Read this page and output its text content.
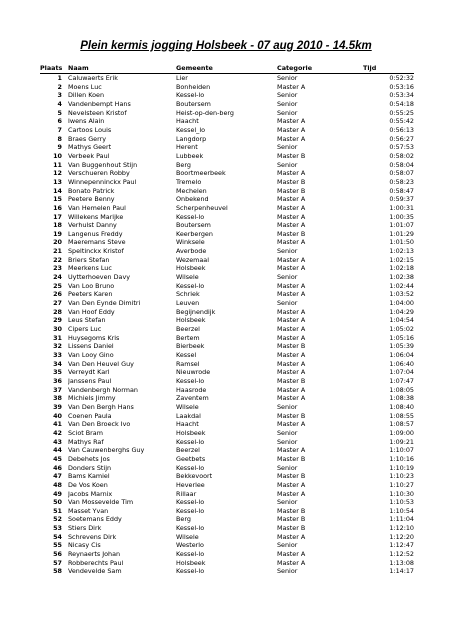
Plein kermis jogging Holsbeek - 07 aug 2010 - 14.5km
Plaats	Naam	Gemeente	Categorie	Tijd
1	Caluwaerts Erik	Lier	Senior	0:52:32
2	Moens Luc	Bonheiden	Master A	0:53:16
3	Dillen Koen	Kessel-lo	Senior	0:53:34
4	Vandenbempt Hans	Boutersem	Senior	0:54:18
5	Nevelsteen Kristof	Heist-op-den-berg	Senior	0:55:25
6	Iwens Alain	Haacht	Master A	0:55:42
7	Cartoos Louis	Kessel_lo	Master A	0:56:13
8	Braes Gerry	Langdorp	Master A	0:56:27
9	Mathys Geert	Herent	Senior	0:57:53
10	Verbeek Paul	Lubbeek	Master B	0:58:02
11	Van Buggenhout Stijn	Berg	Senior	0:58:04
12	Verschueren Robby	Boortmeerbeek	Master A	0:58:07
13	Winnepenninckx Paul	Tremelo	Master B	0:58:23
14	Bonato Patrick	Mechelen	Master B	0:58:47
15	Peetere Benny	Onbekend	Master A	0:59:37
16	Van Hemelen Paul	Scherpenheuvel	Master A	1:00:31
17	Willekens Marijke	Kessel-lo	Master A	1:00:35
18	Verhulst Danny	Boutersem	Master A	1:01:07
19	Langenus Freddy	Keerbergen	Master B	1:01:29
20	Maeremans Steve	Winksele	Master A	1:01:50
21	Speltinckx Kristof	Averbode	Senior	1:02:13
22	Briers Stefan	Wezemaal	Master A	1:02:15
23	Meerkens Luc	Holsbeek	Master A	1:02:18
24	Uytterhoeven Davy	Wilsele	Senior	1:02:38
25	Van Loo Bruno	Kessel-lo	Master A	1:02:44
26	Peeters Karen	Schriek	Master A	1:03:52
27	Van Den Eynde Dimitri	Leuven	Senior	1:04:00
28	Van Hoof Eddy	Begijnendijk	Master A	1:04:29
29	Leus Stefan	Holsbeek	Master A	1:04:54
30	Cipers Luc	Beerzel	Master A	1:05:02
31	Huysegoms Kris	Bertem	Master A	1:05:16
32	Lissens Daniel	Bierbeek	Master B	1:05:39
33	Van Looy Gino	Kessel	Master A	1:06:04
34	Van Den Heuvel Guy	Ramsel	Master A	1:06:40
35	Verreydt Karl	Nieuwrode	Master A	1:07:04
36	Janssens Paul	Kessel-lo	Master B	1:07:47
37	Vandenbergh Norman	Haasrode	Master A	1:08:05
38	Michiels Jimmy	Zaventem	Master A	1:08:38
39	Van Den Bergh Hans	Wilsele	Senior	1:08:40
40	Coenen Paula	Laakdal	Master B	1:08:55
41	Van Den Broeck Ivo	Haacht	Master A	1:08:57
42	Sciot Bram	Holsbeek	Senior	1:09:00
43	Mathys Raf	Kessel-lo	Senior	1:09:21
44	Van Cauwenberghs Guy	Beerzel	Master A	1:10:07
45	Debehets Jos	Geetbets	Master B	1:10:16
46	Donders Stijn	Kessel-lo	Senior	1:10:19
47	Bams Kamiel	Bekkevoort	Master B	1:10:23
48	De Vos Koen	Heverlee	Master A	1:10:27
49	Jacobs Marnix	Rillaar	Master A	1:10:30
50	Van Mossevelde Tim	Kessel-lo	Senior	1:10:53
51	Masset Yvan	Kessel-lo	Master B	1:10:54
52	Soetemans Eddy	Berg	Master B	1:11:04
53	Stiers Dirk	Kessel-lo	Master B	1:12:10
54	Schrevens Dirk	Wilsele	Master A	1:12:20
55	Nicasy Cis	Westerlo	Senior	1:12:47
56	Reynaerts Johan	Kessel-lo	Master A	1:12:52
57	Robberechts Paul	Holsbeek	Master A	1:13:08
58	Vendevelde Sam	Kessel-lo	Senior	1:14:17
